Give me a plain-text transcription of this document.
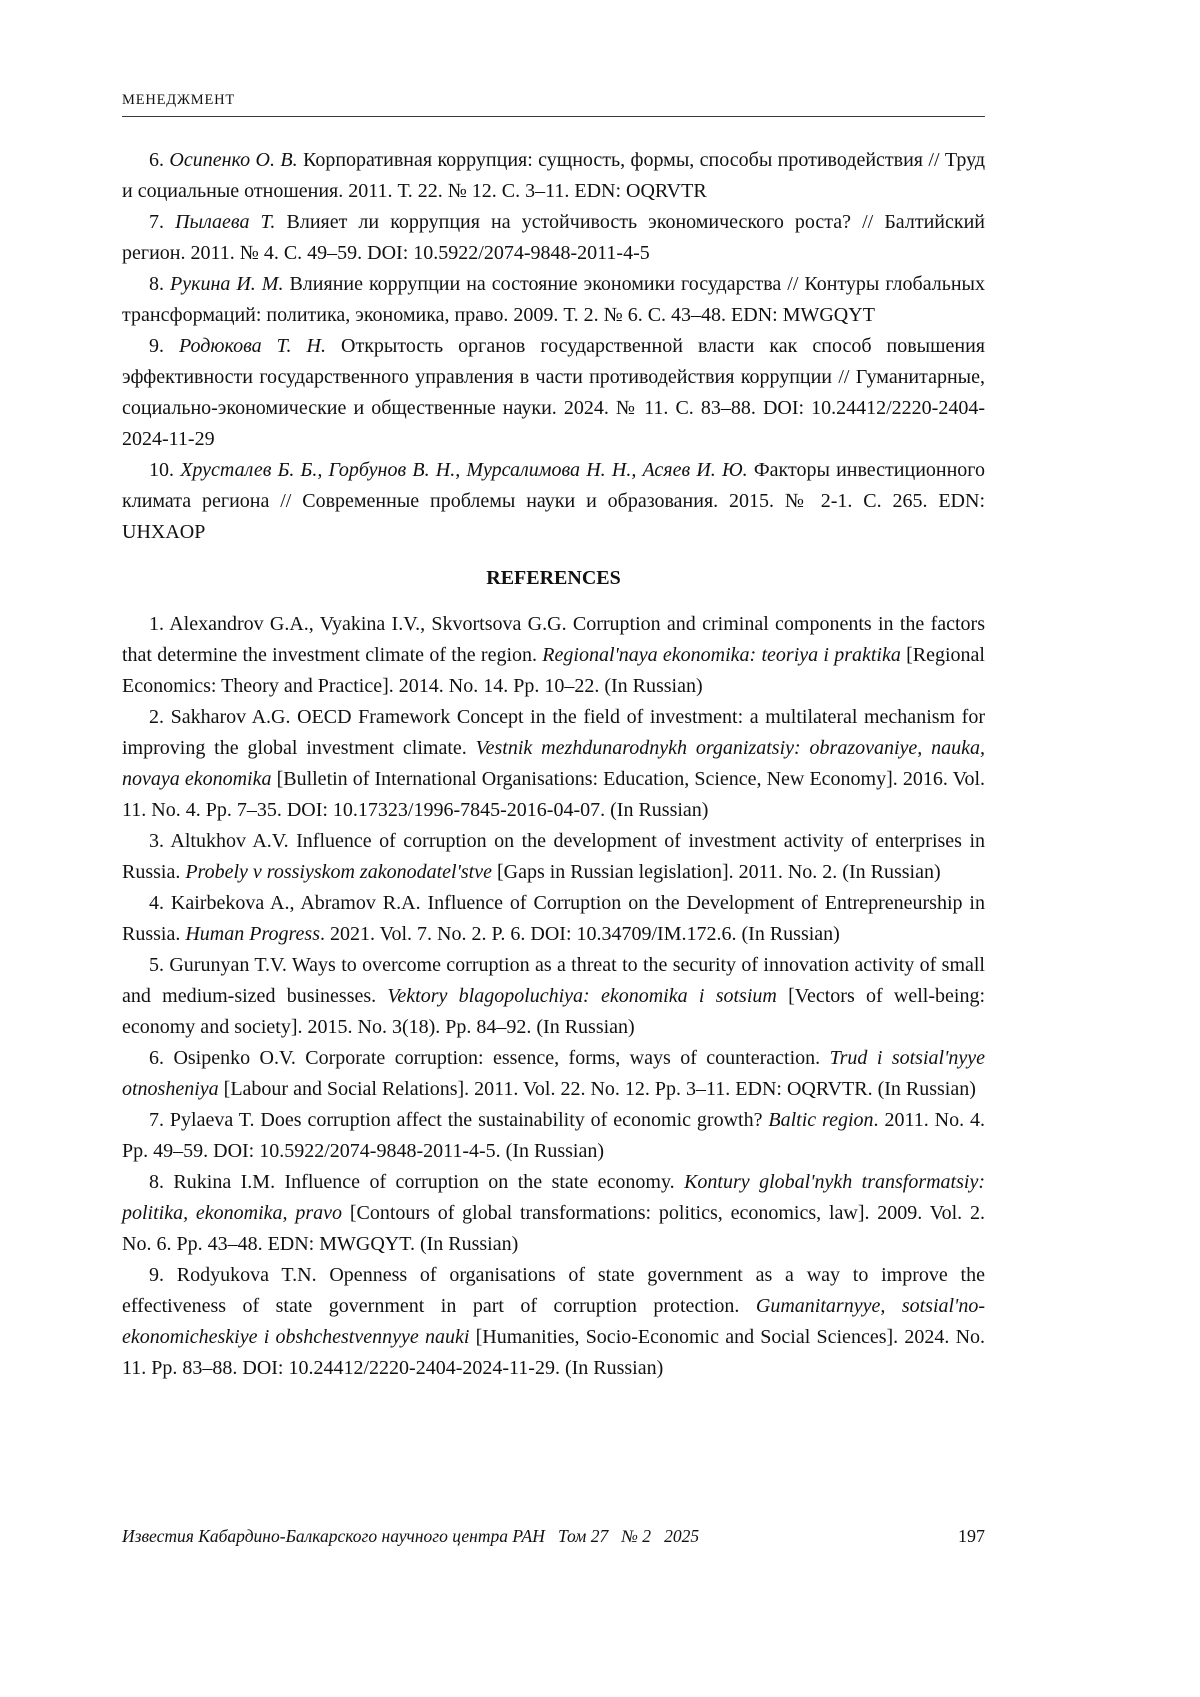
МЕНЕДЖМЕНТ

6. Осипенко О. В. Корпоративная коррупция: сущность, формы, способы противодействия // Труд и социальные отношения. 2011. Т. 22. № 12. С. 3–11. EDN: OQRVTR

7. Пылаева Т. Влияет ли коррупция на устойчивость экономического роста? // Балтийский регион. 2011. № 4. С. 49–59. DOI: 10.5922/2074-9848-2011-4-5

8. Рукина И. М. Влияние коррупции на состояние экономики государства // Контуры глобальных трансформаций: политика, экономика, право. 2009. Т. 2. № 6. С. 43–48. EDN: MWGQYT

9. Родюкова Т. Н. Открытость органов государственной власти как способ повышения эффективности государственного управления в части противодействия коррупции // Гуманитарные, социально-экономические и общественные науки. 2024. № 11. С. 83–88. DOI: 10.24412/2220-2404-2024-11-29

10. Хрусталев Б. Б., Горбунов В. Н., Мурсалимова Н. Н., Асяев И. Ю. Факторы инвестиционного климата региона // Современные проблемы науки и образования. 2015. № 2-1. С. 265. EDN: UHXAOP

REFERENCES

1. Alexandrov G.A., Vyakina I.V., Skvortsova G.G. Corruption and criminal components in the factors that determine the investment climate of the region. Regional'naya ekonomika: teoriya i praktika [Regional Economics: Theory and Practice]. 2014. No. 14. Pp. 10–22. (In Russian)

2. Sakharov A.G. OECD Framework Concept in the field of investment: a multilateral mechanism for improving the global investment climate. Vestnik mezhdunarodnykh organizatsiy: obrazovaniye, nauka, novaya ekonomika [Bulletin of International Organisations: Education, Science, New Economy]. 2016. Vol. 11. No. 4. Pp. 7–35. DOI: 10.17323/1996-7845-2016-04-07. (In Russian)

3. Altukhov A.V. Influence of corruption on the development of investment activity of enterprises in Russia. Probely v rossiyskom zakonodatel'stve [Gaps in Russian legislation]. 2011. No. 2. (In Russian)

4. Kairbekova A., Abramov R.A. Influence of Corruption on the Development of Entrepreneurship in Russia. Human Progress. 2021. Vol. 7. No. 2. P. 6. DOI: 10.34709/IM.172.6. (In Russian)

5. Gurunyan T.V. Ways to overcome corruption as a threat to the security of innovation activity of small and medium-sized businesses. Vektory blagopoluchiya: ekonomika i sotsium [Vectors of well-being: economy and society]. 2015. No. 3(18). Pp. 84–92. (In Russian)

6. Osipenko O.V. Corporate corruption: essence, forms, ways of counteraction. Trud i sotsial'nyye otnosheniya [Labour and Social Relations]. 2011. Vol. 22. No. 12. Pp. 3–11. EDN: OQRVTR. (In Russian)

7. Pylaeva T. Does corruption affect the sustainability of economic growth? Baltic region. 2011. No. 4. Pp. 49–59. DOI: 10.5922/2074-9848-2011-4-5. (In Russian)

8. Rukina I.M. Influence of corruption on the state economy. Kontury global'nykh transformatsiy: politika, ekonomika, pravo [Contours of global transformations: politics, economics, law]. 2009. Vol. 2. No. 6. Pp. 43–48. EDN: MWGQYT. (In Russian)

9. Rodyukova T.N. Openness of organisations of state government as a way to improve the effectiveness of state government in part of corruption protection. Gumanitarnyye, sotsial'no-ekonomicheskiye i obshchestvennyye nauki [Humanities, Socio-Economic and Social Sciences]. 2024. No. 11. Pp. 83–88. DOI: 10.24412/2220-2404-2024-11-29. (In Russian)

Известия Кабардино-Балкарского научного центра РАН   Том 27   № 2   2025	197
